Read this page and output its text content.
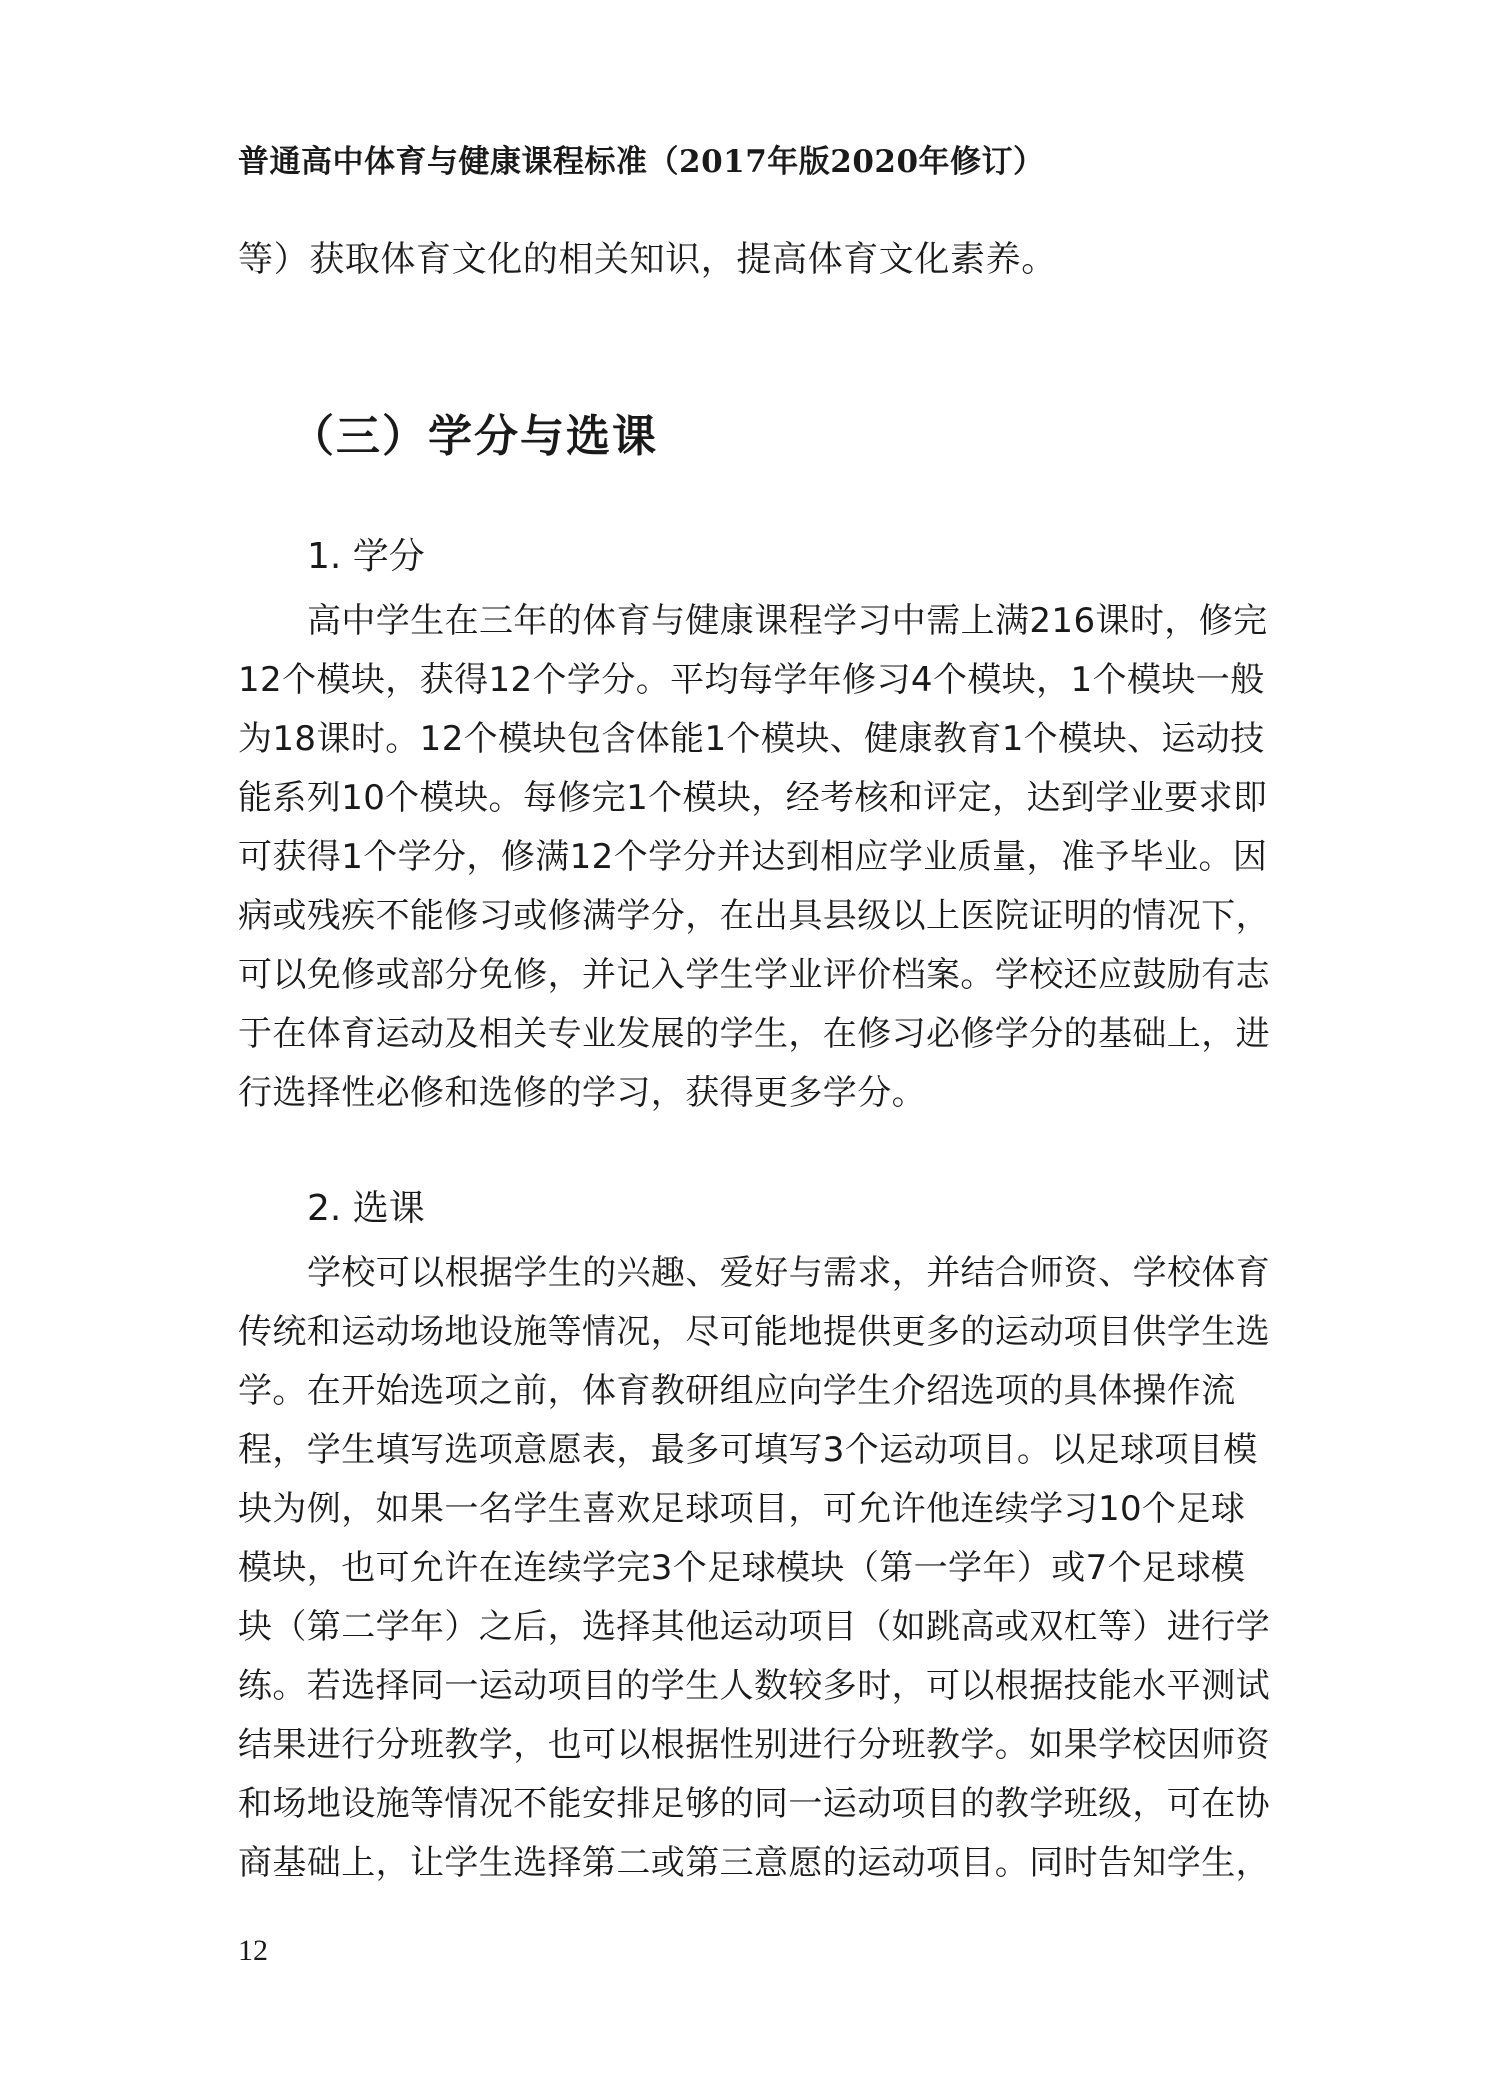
普通高中体育与健康课程标准（2017年版2020年修订）
等）获取体育文化的相关知识，提高体育文化素养。
（三）学分与选课
1. 学分
高中学生在三年的体育与健康课程学习中需上满216课时，修完
12个模块，获得12个学分。平均每学年修习4个模块，1个模块一般
为18课时。12个模块包含体能1个模块、健康教育1个模块、运动技
能系列10个模块。每修完1个模块，经考核和评定，达到学业要求即
可获得1个学分，修满12个学分并达到相应学业质量，准予毕业。因
病或残疾不能修习或修满学分，在出具县级以上医院证明的情况下，
可以免修或部分免修，并记入学生学业评价档案。学校还应鼓励有志
于在体育运动及相关专业发展的学生，在修习必修学分的基础上，进
行选择性必修和选修的学习，获得更多学分。
2. 选课
学校可以根据学生的兴趣、爱好与需求，并结合师资、学校体育
传统和运动场地设施等情况，尽可能地提供更多的运动项目供学生选
学。在开始选项之前，体育教研组应向学生介绍选项的具体操作流
程，学生填写选项意愿表，最多可填写3个运动项目。以足球项目模
块为例，如果一名学生喜欢足球项目，可允许他连续学习10个足球
模块，也可允许在连续学完3个足球模块（第一学年）或7个足球模
块（第二学年）之后，选择其他运动项目（如跳高或双杠等）进行学
练。若选择同一运动项目的学生人数较多时，可以根据技能水平测试
结果进行分班教学，也可以根据性别进行分班教学。如果学校因师资
和场地设施等情况不能安排足够的同一运动项目的教学班级，可在协
商基础上，让学生选择第二或第三意愿的运动项目。同时告知学生，
12
